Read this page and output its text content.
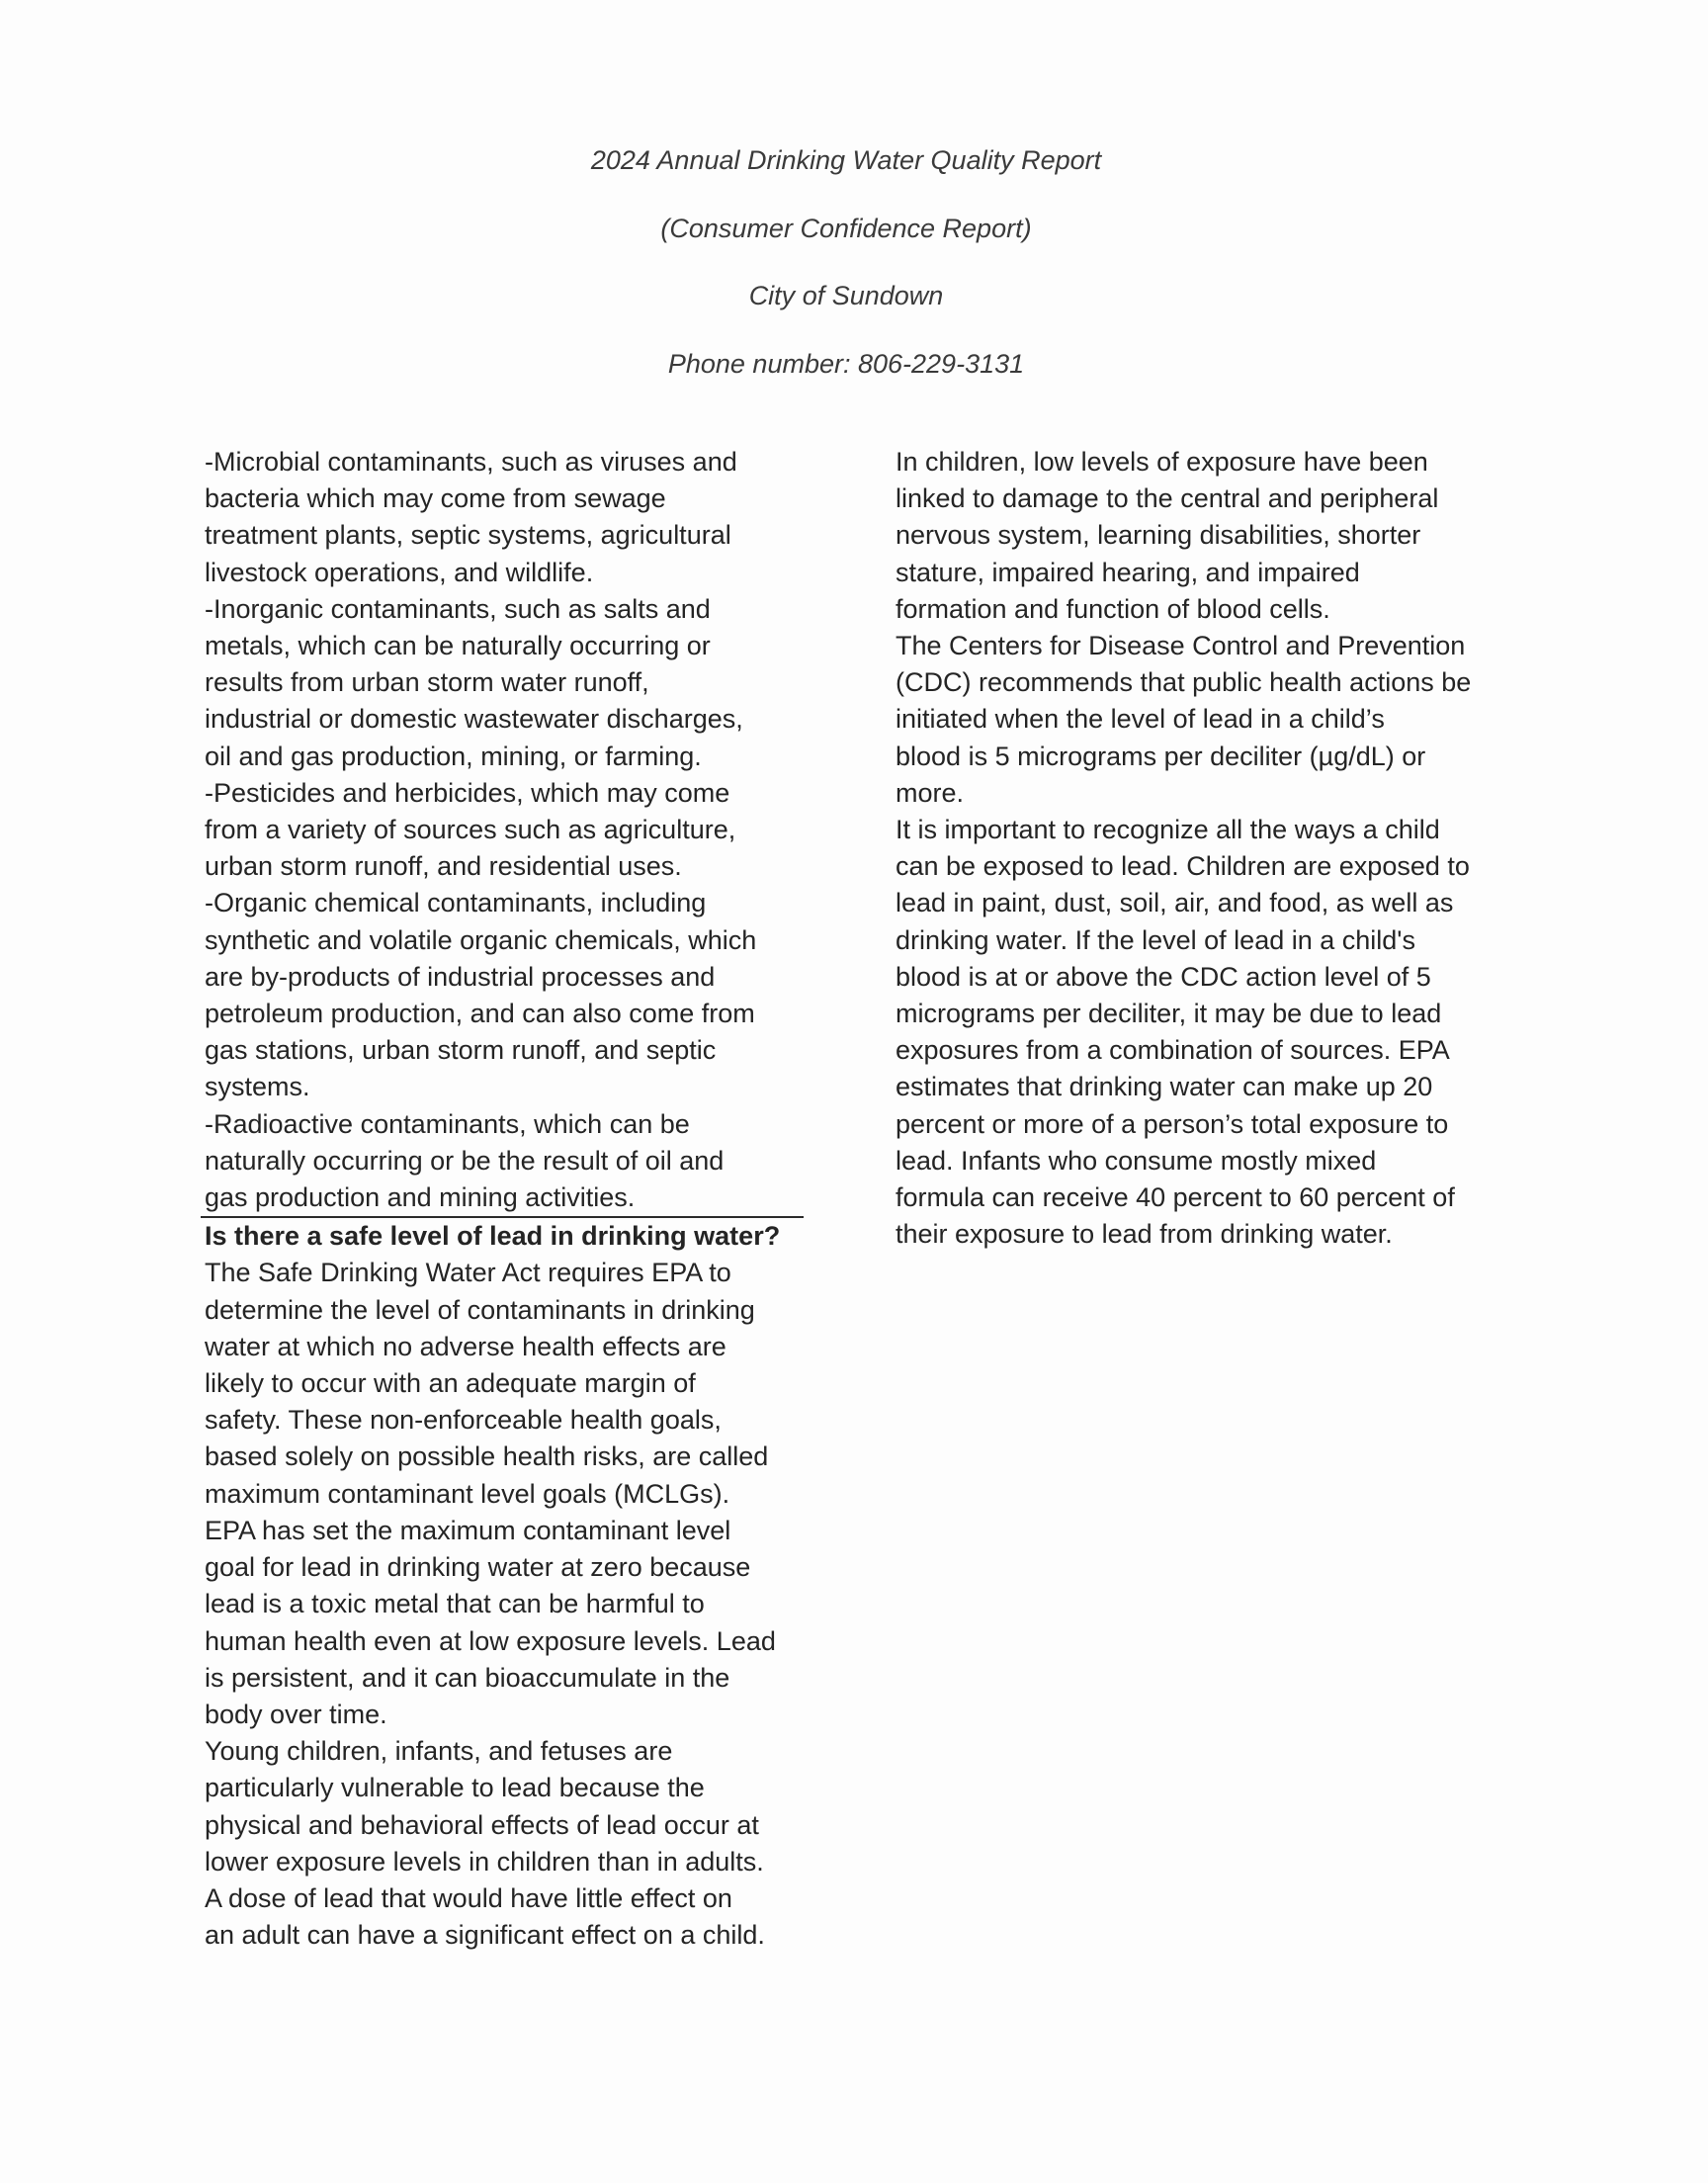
2024 Annual Drinking Water Quality Report
(Consumer Confidence Report)
City of Sundown
Phone number: 806-229-3131

-Microbial contaminants, such as viruses and
bacteria which may come from sewage
treatment plants, septic systems, agricultural
livestock operations, and wildlife.
-Inorganic contaminants, such as salts and
metals, which can be naturally occurring or
results from urban storm water runoff,
industrial or domestic wastewater discharges,
oil and gas production, mining, or farming.
-Pesticides and herbicides, which may come
from a variety of sources such as agriculture,
urban storm runoff, and residential uses.
-Organic chemical contaminants, including
synthetic and volatile organic chemicals, which
are by-products of industrial processes and
petroleum production, and can also come from
gas stations, urban storm runoff, and septic
systems.
-Radioactive contaminants, which can be
naturally occurring or be the result of oil and
gas production and mining activities.

Is there a safe level of lead in drinking water?

The Safe Drinking Water Act requires EPA to
determine the level of contaminants in drinking
water at which no adverse health effects are
likely to occur with an adequate margin of
safety. These non-enforceable health goals,
based solely on possible health risks, are called
maximum contaminant level goals (MCLGs).
EPA has set the maximum contaminant level
goal for lead in drinking water at zero because
lead is a toxic metal that can be harmful to
human health even at low exposure levels. Lead
is persistent, and it can bioaccumulate in the
body over time.

Young children, infants, and fetuses are
particularly vulnerable to lead because the
physical and behavioral effects of lead occur at
lower exposure levels in children than in adults.
A dose of lead that would have little effect on
an adult can have a significant effect on a child.

In children, low levels of exposure have been
linked to damage to the central and peripheral
nervous system, learning disabilities, shorter
stature, impaired hearing, and impaired
formation and function of blood cells.

The Centers for Disease Control and Prevention
(CDC) recommends that public health actions be
initiated when the level of lead in a child’s
blood is 5 micrograms per deciliter (µg/dL) or
more.

It is important to recognize all the ways a child
can be exposed to lead. Children are exposed to
lead in paint, dust, soil, air, and food, as well as
drinking water. If the level of lead in a child's
blood is at or above the CDC action level of 5
micrograms per deciliter, it may be due to lead
exposures from a combination of sources. EPA
estimates that drinking water can make up 20
percent or more of a person’s total exposure to
lead. Infants who consume mostly mixed
formula can receive 40 percent to 60 percent of
their exposure to lead from drinking water.
